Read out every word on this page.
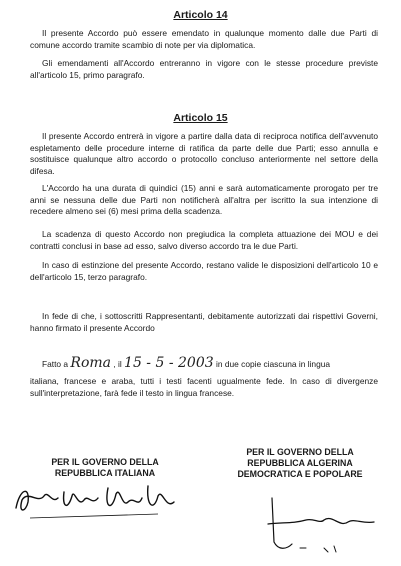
Articolo 14

Il presente Accordo può essere emendato in qualunque momento dalle due Parti di comune accordo tramite scambio di note per via diplomatica.

Gli emendamenti all'Accordo entreranno in vigore con le stesse procedure previste all'articolo 15, primo paragrafo.

Articolo 15

Il presente Accordo entrerà in vigore a partire dalla data di reciproca notifica dell'avvenuto espletamento delle procedure interne di ratifica da parte delle due Parti; esso annulla e sostituisce qualunque altro accordo o protocollo concluso anteriormente nel settore della difesa.

L'Accordo ha una durata di quindici (15) anni e sarà automaticamente prorogato per tre anni se nessuna delle due Parti non notificherà all'altra per iscritto la sua intenzione di recedere almeno sei (6) mesi prima della scadenza.

La scadenza di questo Accordo non pregiudica la completa attuazione dei MOU e dei contratti conclusi in base ad esso, salvo diverso accordo tra le due Parti.

In caso di estinzione del presente Accordo, restano valide le disposizioni dell'articolo 10 e dell'articolo 15, terzo paragrafo.

In fede di che, i sottoscritti Rappresentanti, debitamente autorizzati dai rispettivi Governi, hanno firmato il presente Accordo

Fatto a Roma , il 15 - 5 - 2003 in due copie ciascuna in lingua

italiana, francese e araba, tutti i testi facenti ugualmente fede. In caso di divergenze sull'interpretazione, farà fede il testo in lingua francese.

PER IL GOVERNO DELLA
REPUBBLICA ITALIANA
PER IL GOVERNO DELLA
REPUBBLICA ALGERINA
DEMOCRATICA E POPOLARE
